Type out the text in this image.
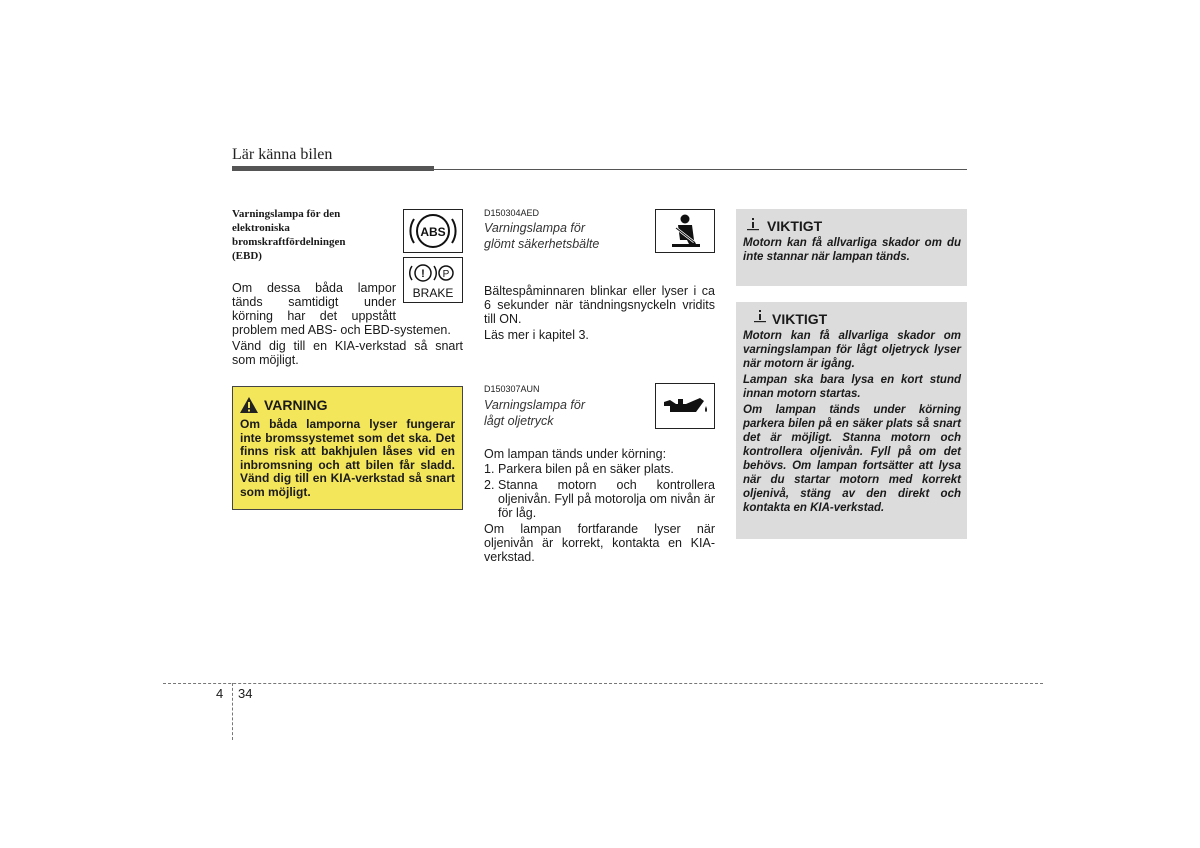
Lär känna bilen
Varningslampa för den
elektroniska
bromskraftfördelningen
(EBD)
ABS
! P
BRAKE
Om dessa båda lampor
tänds samtidigt under
körning har det uppstått
problem med ABS- och EBD-systemen.
Vänd dig till en KIA-verkstad så snart som möjligt.
VARNING
Om båda lamporna lyser fungerar inte bromssystemet som det ska. Det finns risk att bakhjulen låses vid en inbromsning och att bilen får sladd. Vänd dig till en KIA-verkstad så snart som möjligt.
D150304AED
Varningslampa för
glömt säkerhetsbälte
Bältespåminnaren blinkar eller lyser i ca 6 sekunder när tändningsnyckeln vridits till ON.
Läs mer i kapitel 3.
D150307AUN
Varningslampa för
lågt oljetryck
Om lampan tänds under körning:
1. Parkera bilen på en säker plats.
2. Stanna motorn och kontrollera oljenivån. Fyll på motorolja om nivån är för låg.
Om lampan fortfarande lyser när oljenivån är korrekt, kontakta en KIA-verkstad.
VIKTIGT
Motorn kan få allvarliga skador om du inte stannar när lampan tänds.
VIKTIGT
Motorn kan få allvarliga skador om varningslampan för lågt oljetryck lyser när motorn är igång.
Lampan ska bara lysa en kort stund innan motorn startas.
Om lampan tänds under körning parkera bilen på en säker plats så snart det är möjligt. Stanna motorn och kontrollera oljenivån. Fyll på om det behövs. Om lampan fortsätter att lysa när du startar motorn med korrekt oljenivå, stäng av den direkt och kontakta en KIA-verkstad.
4 34
